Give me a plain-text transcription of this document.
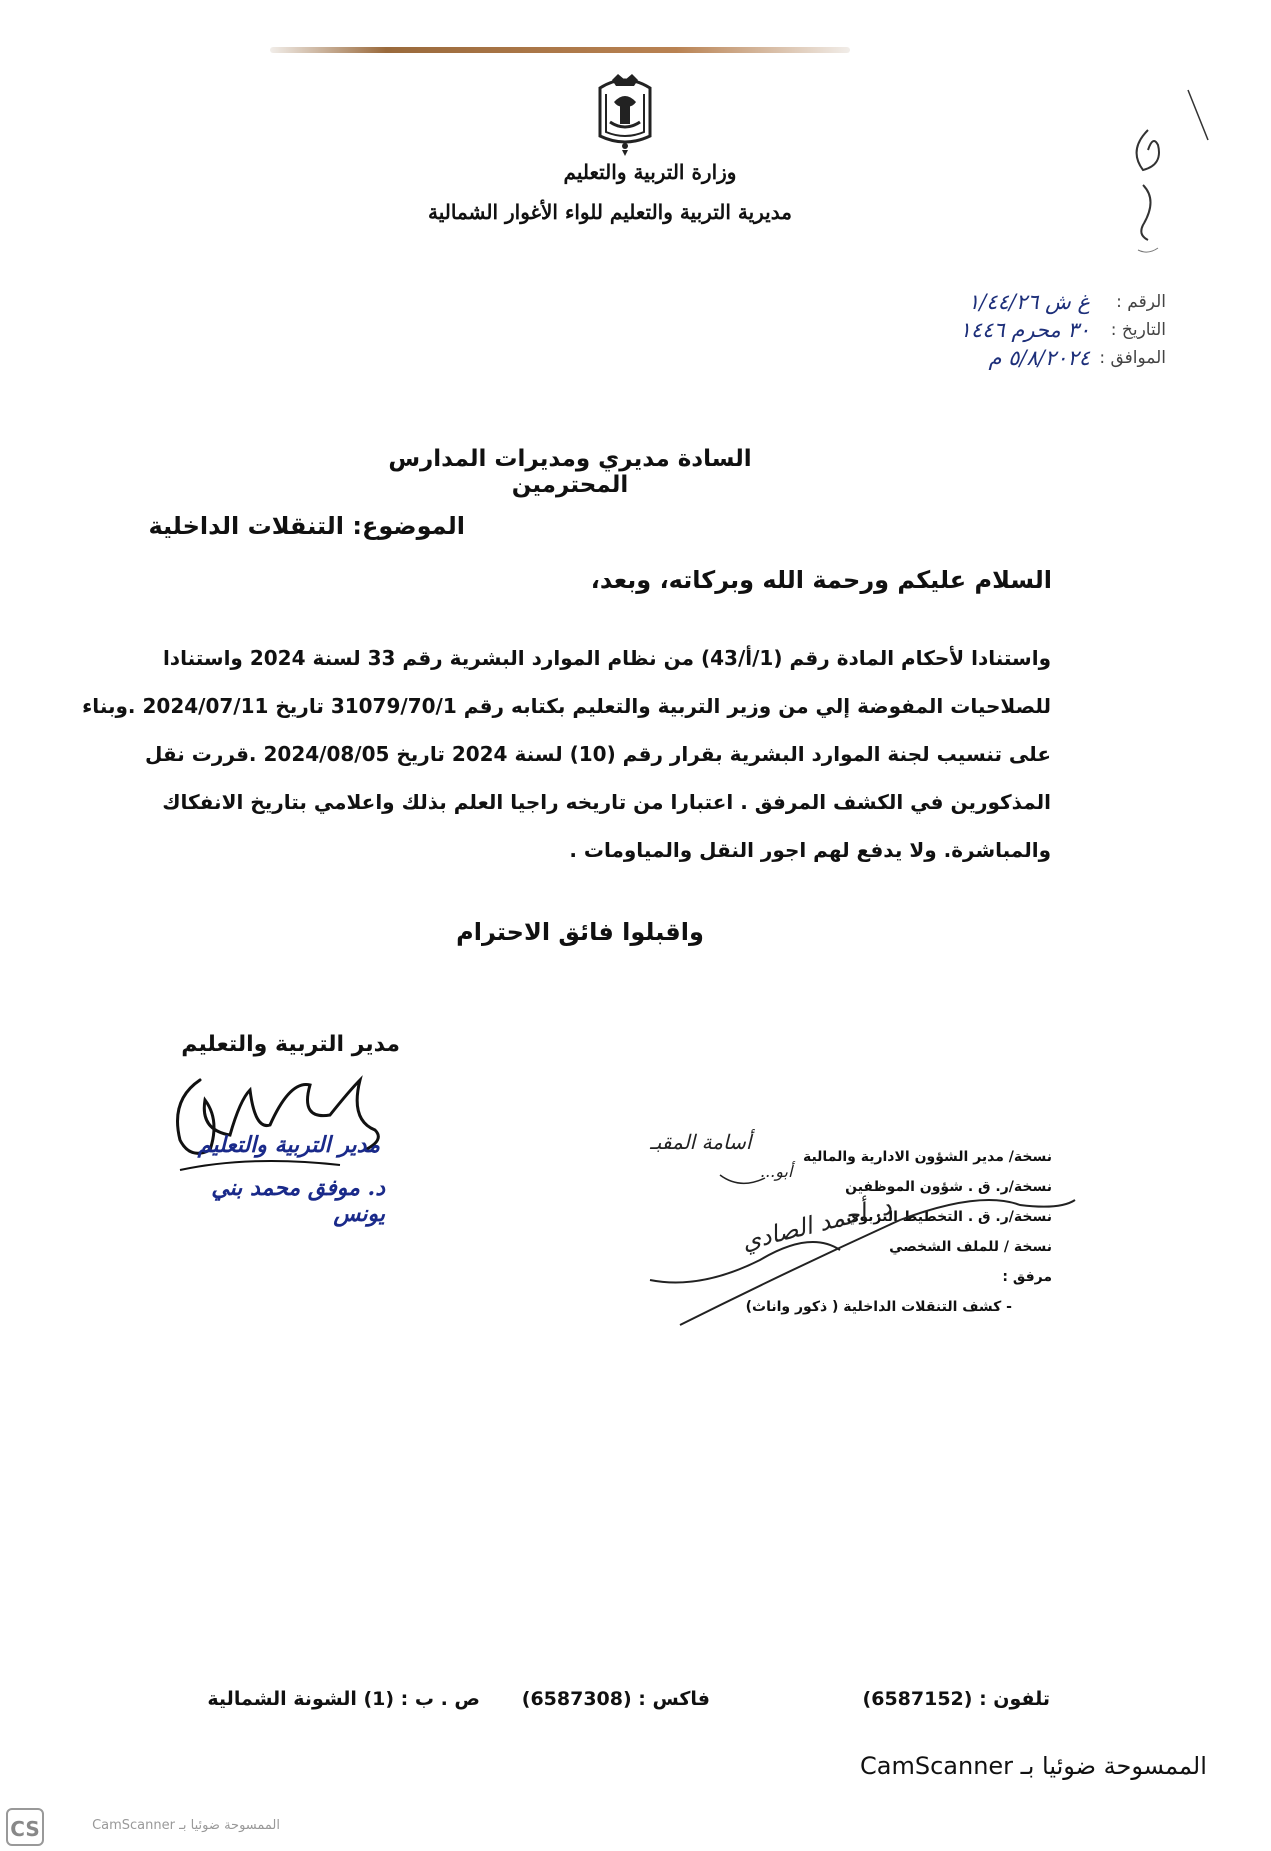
وزارة التربية والتعليم
مديرية التربية والتعليم للواء الأغوار الشمالية
الرقم :
غ ش ١/٤٤/٢٦
التاريخ :
٣٠ محرم ١٤٤٦
الموافق :
٥/٨/٢٠٢٤ م
السادة مديري ومديرات المدارس المحترمين
الموضوع: التنقلات الداخلية
السلام عليكم ورحمة الله وبركاته، وبعد،
واستنادا لأحكام المادة رقم (1/أ/43) من نظام الموارد البشرية رقم 33 لسنة 2024 واستنادا
للصلاحيات المفوضة إلي من وزير التربية والتعليم بكتابه رقم 31079/70/1 تاريخ 2024/07/11 .وبناء
على تنسيب لجنة الموارد البشرية بقرار رقم (10) لسنة 2024 تاريخ 2024/08/05 .قررت نقل
المذكورين في الكشف المرفق . اعتبارا من تاريخه راجيا العلم بذلك واعلامي بتاريخ الانفكاك
والمباشرة. ولا يدفع لهم اجور النقل والمياومات .
واقبلوا فائق الاحترام
مدير التربية والتعليم
مدير التربية والتعليم
د. موفق محمد بني يونس
نسخة/ مدير الشؤون الادارية والمالية
نسخة/ر. ق . شؤون الموظفين
نسخة/ر. ق . التخطيط التربوي
نسخة / للملف الشخصي
مرفق :
- كشف التنقلات الداخلية ( ذكور واناث)
أسامة المقبـ
أبو...
د. أحمد الصادي
تلفون : (6587152)
فاكس : (6587308)
ص . ب : (1) الشونة الشمالية
الممسوحة ضوئيا بـ CamScanner
CS	الممسوحة ضوئيا بـ CamScanner
